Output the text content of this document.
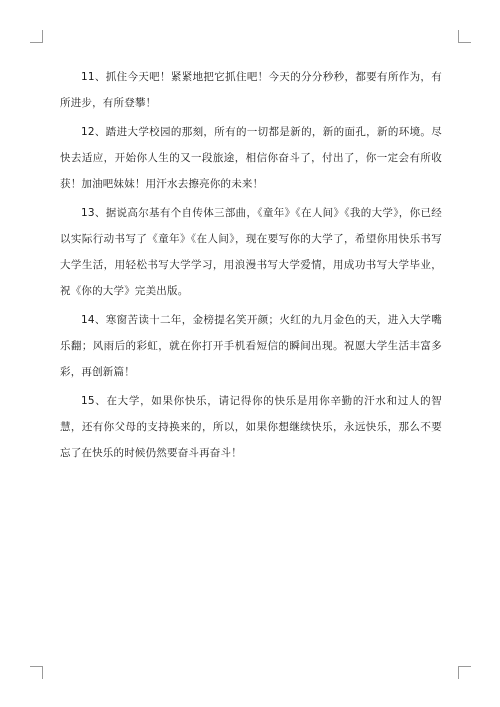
11、抓住今天吧！紧紧地把它抓住吧！今天的分分秒秒，都要有所作为，有所进步，有所登攀！

12、踏进大学校园的那刻，所有的一切都是新的，新的面孔，新的环境。尽快去适应，开始你人生的又一段旅途，相信你奋斗了，付出了，你一定会有所收获！加油吧妹妹！用汗水去擦亮你的未来！

13、据说高尔基有个自传体三部曲，《童年》《在人间》《我的大学》，你已经以实际行动书写了《童年》《在人间》，现在要写你的大学了，希望你用快乐书写大学生活，用轻松书写大学学习，用浪漫书写大学爱情，用成功书写大学毕业，祝《你的大学》完美出版。

14、寒窗苦读十二年，金榜提名笑开颜；火红的九月金色的天，进入大学嘴乐翻；风雨后的彩虹，就在你打开手机看短信的瞬间出现。祝愿大学生活丰富多彩，再创新篇！

15、在大学，如果你快乐，请记得你的快乐是用你辛勤的汗水和过人的智慧，还有你父母的支持换来的，所以，如果你想继续快乐，永远快乐，那么不要忘了在快乐的时候仍然要奋斗再奋斗！
